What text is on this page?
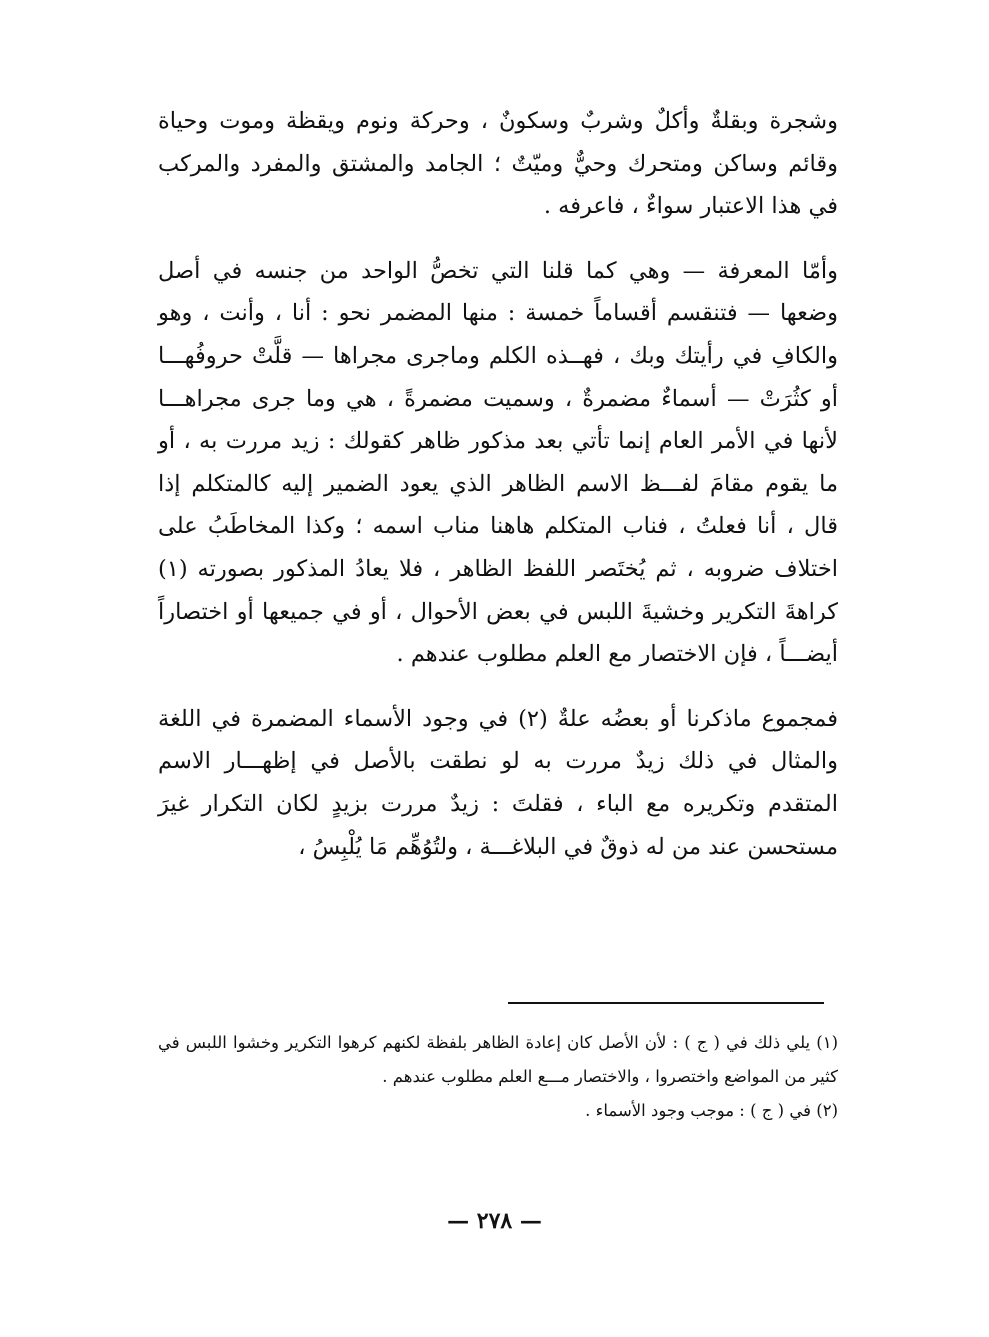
وشجرة وبقلةٌ وأكلٌ وشربٌ وسكونٌ ، وحركة ونوم ويقظة وموت وحياة وقائم وساكن ومتحرك وحيٌّ وميّتٌ ؛ الجامد والمشتق والمفرد والمركب في هذا الاعتبار سواءٌ ، فاعرفه .

وأمّا المعرفة — وهي كما قلنا التي تخصُّ الواحد من جنسه في أصل وضعها — فتنقسم أقساماً خمسة : منها المضمر نحو : أنا ، وأنت ، وهو والكافِ في رأيتك وبك ، فهــذه الكلم وماجرى مجراها — قلَّتْ حروفُهـــا أو كثُرَتْ — أسماءٌ مضمرةٌ ، وسميت مضمرةً ، هي وما جرى مجراهـــا لأنها في الأمر العام إنما تأتي بعد مذكور ظاهر كقولك : زيد مررت به ، أو ما يقوم مقامَ لفـــظ الاسم الظاهر الذي يعود الضمير إليه كالمتكلم إذا قال ، أنا فعلتُ ، فناب المتكلم هاهنا مناب اسمه ؛ وكذا المخاطَبُ على اختلاف ضروبه ، ثم يُختَصر اللفظ الظاهر ، فلا يعادُ المذكور بصورته (١) كراهةَ التكرير وخشيةَ اللبس في بعض الأحوال ، أو في جميعها أو اختصاراً أيضـــاً ، فإن الاختصار مع العلم مطلوب عندهم .

فمجموع ماذكرنا أو بعضُه علةٌ (٢) في وجود الأسماء المضمرة في اللغة والمثال في ذلك زيدٌ مررت به لو نطقت بالأصل في إظهـــار الاسم المتقدم وتكريره مع الباء ، فقلتَ : زيدٌ مررت بزيدٍ لكان التكرار غيرَ مستحسن عند من له ذوقٌ في البلاغـــة ، ولتُوُهِّم مَا يُلْبِسُ ،

(١) يلي ذلك في ( ج ) : لأن الأصل كان إعادة الظاهر بلفظة لكنهم كرهوا التكرير وخشوا اللبس في كثير من المواضع واختصروا ، والاختصار مـــع العلم مطلوب عندهم .

(٢) في ( ج ) : موجب وجود الأسماء .

— ٢٧٨ —
